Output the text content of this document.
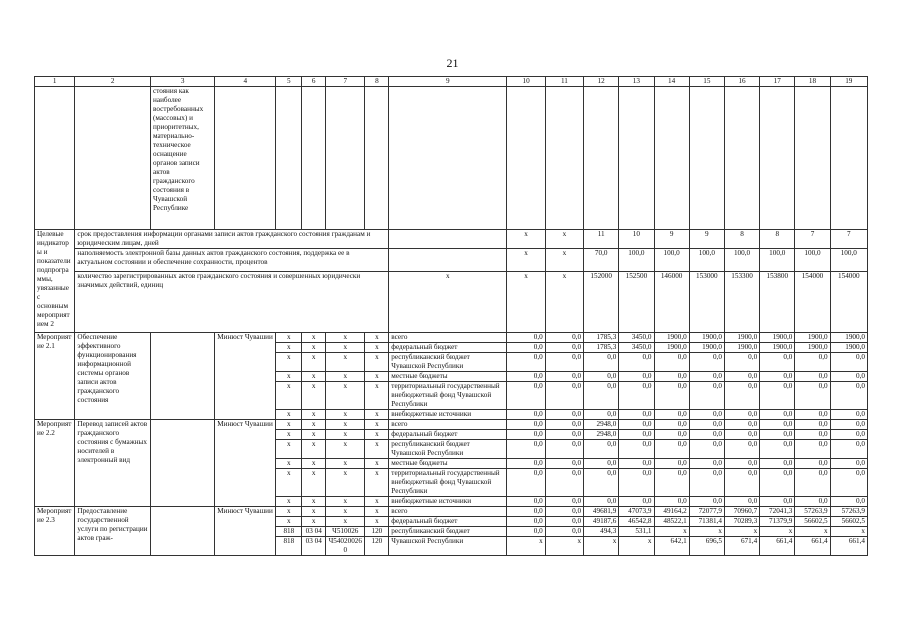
21
1	2	3	4	5	6	7	8	9	10	11	12	13	14	15	16	17	18	19
		стояния как наиболее востребованных (массовых) и приоритетных, материально-техническое оснащение органов записи актов гражданского состояния в Чувашской Республике																
Целевые индикаторы и показатели подпрограммы, увязанные с основным мероприятием 2	срок предоставления информации органами записи актов гражданского состояния гражданам и юридическим лицам, дней								x	x	11	10	9	9	8	8	7	7
	наполняемость электронной базы данных актов гражданского состояния, поддержка ее в актуальном состоянии и обеспечение сохранности, процентов								x	x	70,0	100,0	100,0	100,0	100,0	100,0	100,0	100,0
	количество зарегистрированных актов гражданского состояния и совершенных юридически значимых действий, единиц							x	x	x	152000	152500	146000	153000	153300	153800	154000	154000
Мероприятие 2.1	Обеспечение эффективного функционирования информационной системы органов записи актов гражданского состояния		Минюст Чувашии	x	x	x	x	всего	0,0	0,0	1785,3	3450,0	1900,0	1900,0	1900,0	1900,0	1900,0	1900,0
				x	x	x	x	федеральный бюджет	0,0	0,0	1785,3	3450,0	1900,0	1900,0	1900,0	1900,0	1900,0	1900,0
				x	x	x	x	республиканский бюджет Чувашской Республики	0,0	0,0	0,0	0,0	0,0	0,0	0,0	0,0	0,0	0,0
				x	x	x	x	местные бюджеты	0,0	0,0	0,0	0,0	0,0	0,0	0,0	0,0	0,0	0,0
				x	x	x	x	территориальный государственный внебюджетный фонд Чувашской Республики	0,0	0,0	0,0	0,0	0,0	0,0	0,0	0,0	0,0	0,0
				x	x	x	x	внебюджетные источники	0,0	0,0	0,0	0,0	0,0	0,0	0,0	0,0	0,0	0,0
Мероприятие 2.2	Перевод записей актов гражданского состояния с бумажных носителей в электронный вид		Минюст Чувашии	x	x	x	x	всего	0,0	0,0	2948,0	0,0	0,0	0,0	0,0	0,0	0,0	0,0
				x	x	x	x	федеральный бюджет	0,0	0,0	2948,0	0,0	0,0	0,0	0,0	0,0	0,0	0,0
				x	x	x	x	республиканский бюджет Чувашской Республики	0,0	0,0	0,0	0,0	0,0	0,0	0,0	0,0	0,0	0,0
				x	x	x	x	местные бюджеты	0,0	0,0	0,0	0,0	0,0	0,0	0,0	0,0	0,0	0,0
				x	x	x	x	территориальный государственный внебюджетный фонд Чувашской Республики	0,0	0,0	0,0	0,0	0,0	0,0	0,0	0,0	0,0	0,0
				x	x	x	x	внебюджетные источники	0,0	0,0	0,0	0,0	0,0	0,0	0,0	0,0	0,0	0,0
Мероприятие 2.3	Предоставление государственной услуги по регистрации актов граж-		Минюст Чувашии	x	x	x	x	всего	0,0	0,0	49681,9	47073,9	49164,2	72077,9	70960,7	72041,3	57263,9	57263,9
				x	x	x	x	федеральный бюджет	0,0	0,0	49187,6	46542,8	48522,1	71381,4	70289,3	71379,9	56602,5	56602,5
				818	03 04	Ч510026	120	республиканский бюджет	0,0	0,0	494,3	531,1	x	x	x	x	x	x
				818	03 04	Ч540200260	120	Чувашской Республики	x	x	x	x	642,1	696,5	671,4	661,4	661,4	661,4
